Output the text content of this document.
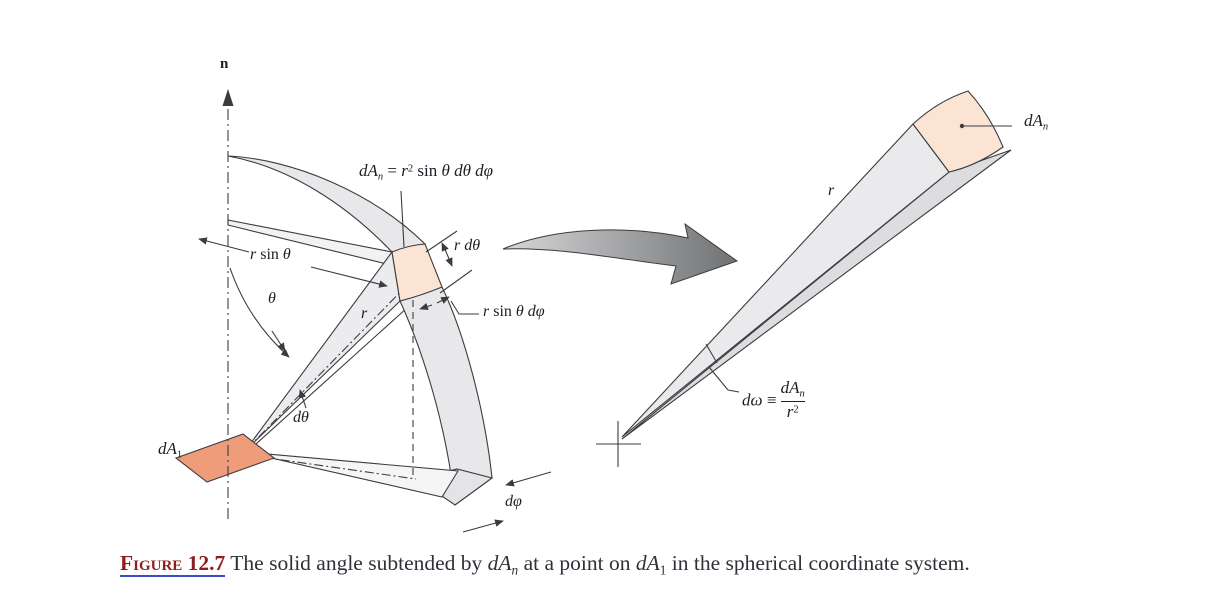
n
$dA_n = r^2$ sin θ dθ dφ
r sin θ
θ
r
dθ
$dA_1$
r dθ
r sin θ dφ
dφ
r
$dA_n$
$d\omega \equiv \frac{dA_n}{r^2}$
Figure 12.7 The solid angle subtended by $dA_n$ at a point on $dA_1$ in the spherical coordinate system.
